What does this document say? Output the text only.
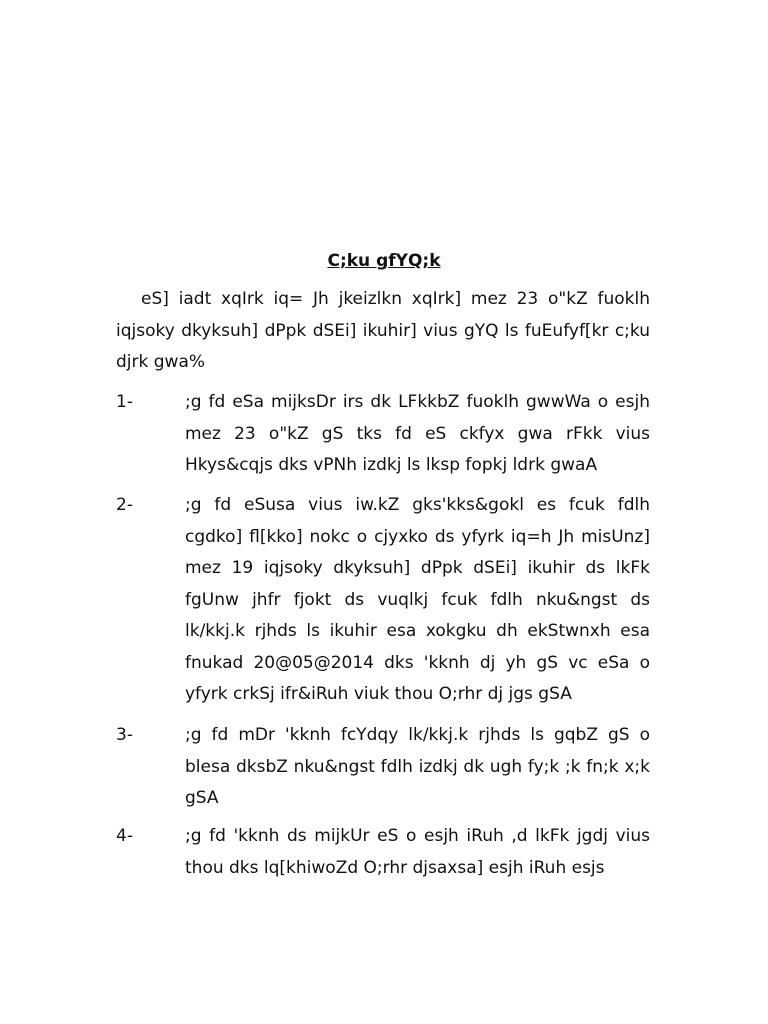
C;ku gfYQ;k

eS] iadt xqIrk iq= Jh jkeizlkn xqIrk] mez 23 o"kZ fuoklh iqjsoky dkyksuh] dPpk dSEi] ikuhir] vius gYQ ls fuEufyf[kr c;ku djrk gwa%

1-	;g fd eSa mijksDr irs dk LFkkbZ fuoklh gwwWa o esjh mez 23 o"kZ gS tks fd eS ckfyx gwa rFkk vius Hkys&cqjs dks vPNh izdkj ls lksp fopkj ldrk gwaA

2-	;g fd eSusa vius iw.kZ gks'kks&gokl es fcuk fdlh cgdko] fl[kko] nokc o cjyxko ds yfyrk iq=h Jh misUnz] mez 19 iqjsoky dkyksuh] dPpk dSEi] ikuhir ds lkFk fgUnw jhfr fjokt ds vuqlkj fcuk fdlh nku&ngst ds lk/kkj.k rjhds ls ikuhir esa xokgku dh ekStwnxh esa fnukad 20@05@2014 dks 'kknh dj yh gS vc eSa o yfyrk crkSj ifr&iRuh viuk thou O;rhr dj jgs gSA

3-	;g fd mDr 'kknh fcYdqy lk/kkj.k rjhds ls gqbZ gS o blesa dksbZ nku&ngst fdlh izdkj dk ugh fy;k ;k fn;k x;k gSA

4-	;g fd 'kknh ds mijkUr eS o esjh iRuh ,d lkFk jgdj vius thou dks lq[khiwoZd O;rhr djsaxsa] esjh iRuh esjs
